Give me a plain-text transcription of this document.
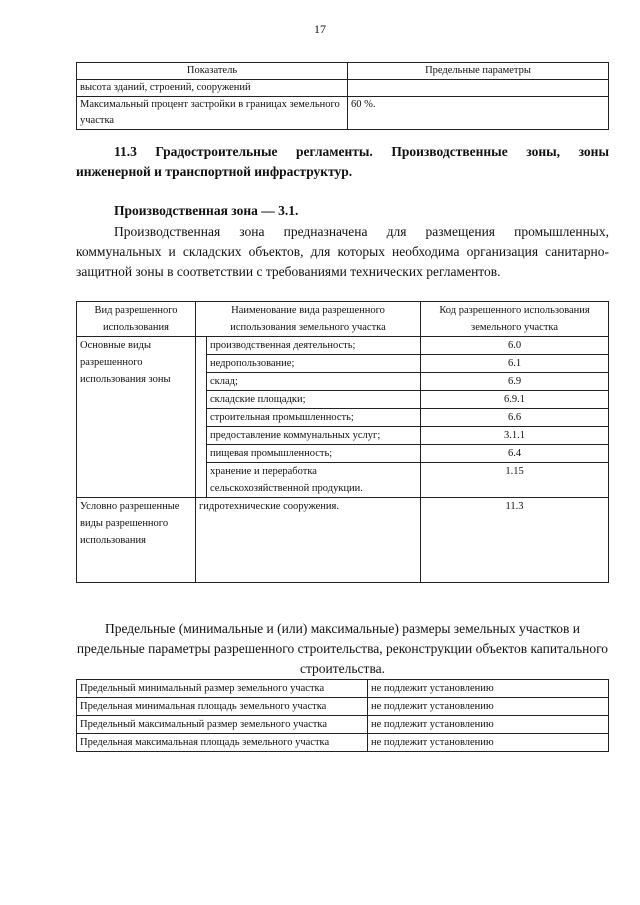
17
Показатель	Предельные параметры
высота зданий, строений, сооружений	
Максимальный процент застройки в границах земельного участка	60 %.
11.3 Градостроительные регламенты. Производственные зоны, зоны инженерной и транспортной инфраструктур.
Производственная зона — 3.1.
Производственная зона предназначена для размещения промышленных, коммунальных и складских объектов, для которых необходима организация санитарно-защитной зоны в соответствии с требованиями технических регламентов.
Вид разрешенного использования	Наименование вида разрешенного использования земельного участка		Код разрешенного использования земельного участка
Основные виды разрешенного использования зоны		производственная деятельность;	6.0
		недропользование;	6.1
		склад;	6.9
		складские площадки;	6.9.1
		строительная промышленность;	6.6
		предоставление коммунальных услуг;	3.1.1
		пищевая промышленность;	6.4
		хранение и переработка сельскохозяйственной продукции.	1.15
Условно разрешенные виды разрешенного использования	гидротехнические сооружения.		11.3
Предельные (минимальные и (или) максимальные) размеры земельных участков и предельные параметры разрешенного строительства, реконструкции объектов капитального строительства.
Предельный минимальный размер земельного участка	не подлежит установлению
Предельная минимальная площадь земельного участка	не подлежит установлению
Предельный максимальный размер земельного участка	не подлежит установлению
Предельная максимальная площадь земельного участка	не подлежит установлению
